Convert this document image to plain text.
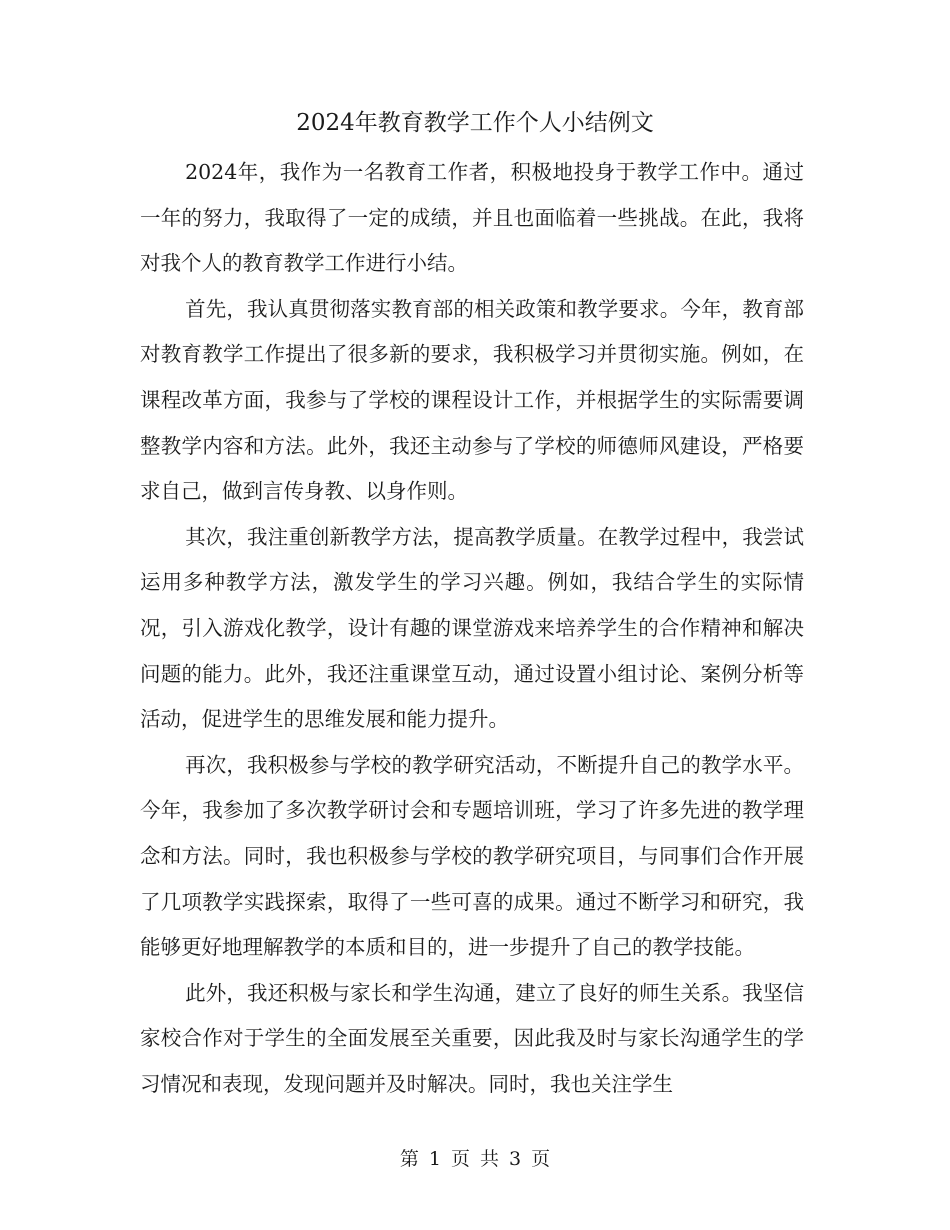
2024年教育教学工作个人小结例文

2024年，我作为一名教育工作者，积极地投身于教学工作中。通过一年的努力，我取得了一定的成绩，并且也面临着一些挑战。在此，我将对我个人的教育教学工作进行小结。

首先，我认真贯彻落实教育部的相关政策和教学要求。今年，教育部对教育教学工作提出了很多新的要求，我积极学习并贯彻实施。例如，在课程改革方面，我参与了学校的课程设计工作，并根据学生的实际需要调整教学内容和方法。此外，我还主动参与了学校的师德师风建设，严格要求自己，做到言传身教、以身作则。

其次，我注重创新教学方法，提高教学质量。在教学过程中，我尝试运用多种教学方法，激发学生的学习兴趣。例如，我结合学生的实际情况，引入游戏化教学，设计有趣的课堂游戏来培养学生的合作精神和解决问题的能力。此外，我还注重课堂互动，通过设置小组讨论、案例分析等活动，促进学生的思维发展和能力提升。

再次，我积极参与学校的教学研究活动，不断提升自己的教学水平。今年，我参加了多次教学研讨会和专题培训班，学习了许多先进的教学理念和方法。同时，我也积极参与学校的教学研究项目，与同事们合作开展了几项教学实践探索，取得了一些可喜的成果。通过不断学习和研究，我能够更好地理解教学的本质和目的，进一步提升了自己的教学技能。

此外，我还积极与家长和学生沟通，建立了良好的师生关系。我坚信家校合作对于学生的全面发展至关重要，因此我及时与家长沟通学生的学习情况和表现，发现问题并及时解决。同时，我也关注学生

第 1 页 共 3 页
